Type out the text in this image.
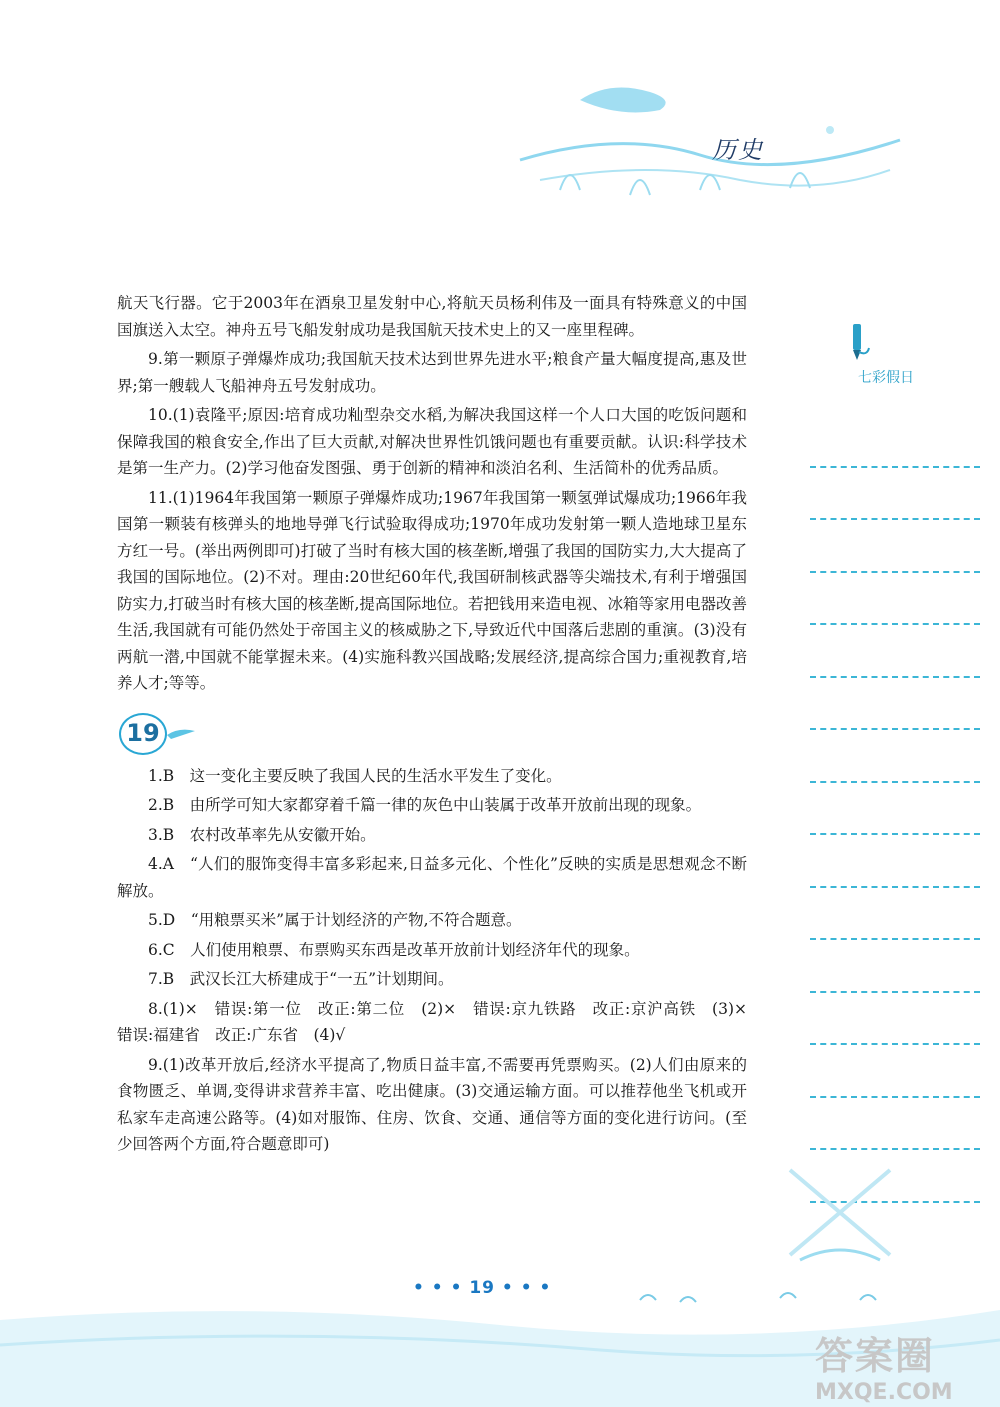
历史

航天飞行器。它于2003年在酒泉卫星发射中心,将航天员杨利伟及一面具有特殊意义的中国国旗送入太空。神舟五号飞船发射成功是我国航天技术史上的又一座里程碑。

9.第一颗原子弹爆炸成功;我国航天技术达到世界先进水平;粮食产量大幅度提高,惠及世界;第一艘载人飞船神舟五号发射成功。

10.(1)袁隆平;原因:培育成功籼型杂交水稻,为解决我国这样一个人口大国的吃饭问题和保障我国的粮食安全,作出了巨大贡献,对解决世界性饥饿问题也有重要贡献。认识:科学技术是第一生产力。(2)学习他奋发图强、勇于创新的精神和淡泊名利、生活简朴的优秀品质。

11.(1)1964年我国第一颗原子弹爆炸成功;1967年我国第一颗氢弹试爆成功;1966年我国第一颗装有核弹头的地地导弹飞行试验取得成功;1970年成功发射第一颗人造地球卫星东方红一号。(举出两例即可)打破了当时有核大国的核垄断,增强了我国的国防实力,大大提高了我国的国际地位。(2)不对。理由:20世纪60年代,我国研制核武器等尖端技术,有利于增强国防实力,打破当时有核大国的核垄断,提高国际地位。若把钱用来造电视、冰箱等家用电器改善生活,我国就有可能仍然处于帝国主义的核威胁之下,导致近代中国落后悲剧的重演。(3)没有两航一潜,中国就不能掌握未来。(4)实施科教兴国战略;发展经济,提高综合国力;重视教育,培养人才;等等。

19

1.B　这一变化主要反映了我国人民的生活水平发生了变化。

2.B　由所学可知大家都穿着千篇一律的灰色中山装属于改革开放前出现的现象。

3.B　农村改革率先从安徽开始。

4.A　“人们的服饰变得丰富多彩起来,日益多元化、个性化”反映的实质是思想观念不断解放。

5.D　“用粮票买米”属于计划经济的产物,不符合题意。

6.C　人们使用粮票、布票购买东西是改革开放前计划经济年代的现象。

7.B　武汉长江大桥建成于“一五”计划期间。

8.(1)×　错误:第一位　改正:第二位　(2)×　错误:京九铁路　改正:京沪高铁　(3)×　错误:福建省　改正:广东省　(4)√

9.(1)改革开放后,经济水平提高了,物质日益丰富,不需要再凭票购买。(2)人们由原来的食物匮乏、单调,变得讲求营养丰富、吃出健康。(3)交通运输方面。可以推荐他坐飞机或开私家车走高速公路等。(4)如对服饰、住房、饮食、交通、通信等方面的变化进行访问。(至少回答两个方面,符合题意即可)

七彩假日
• • • 19 • • •
答案圈
MXQE.COM
